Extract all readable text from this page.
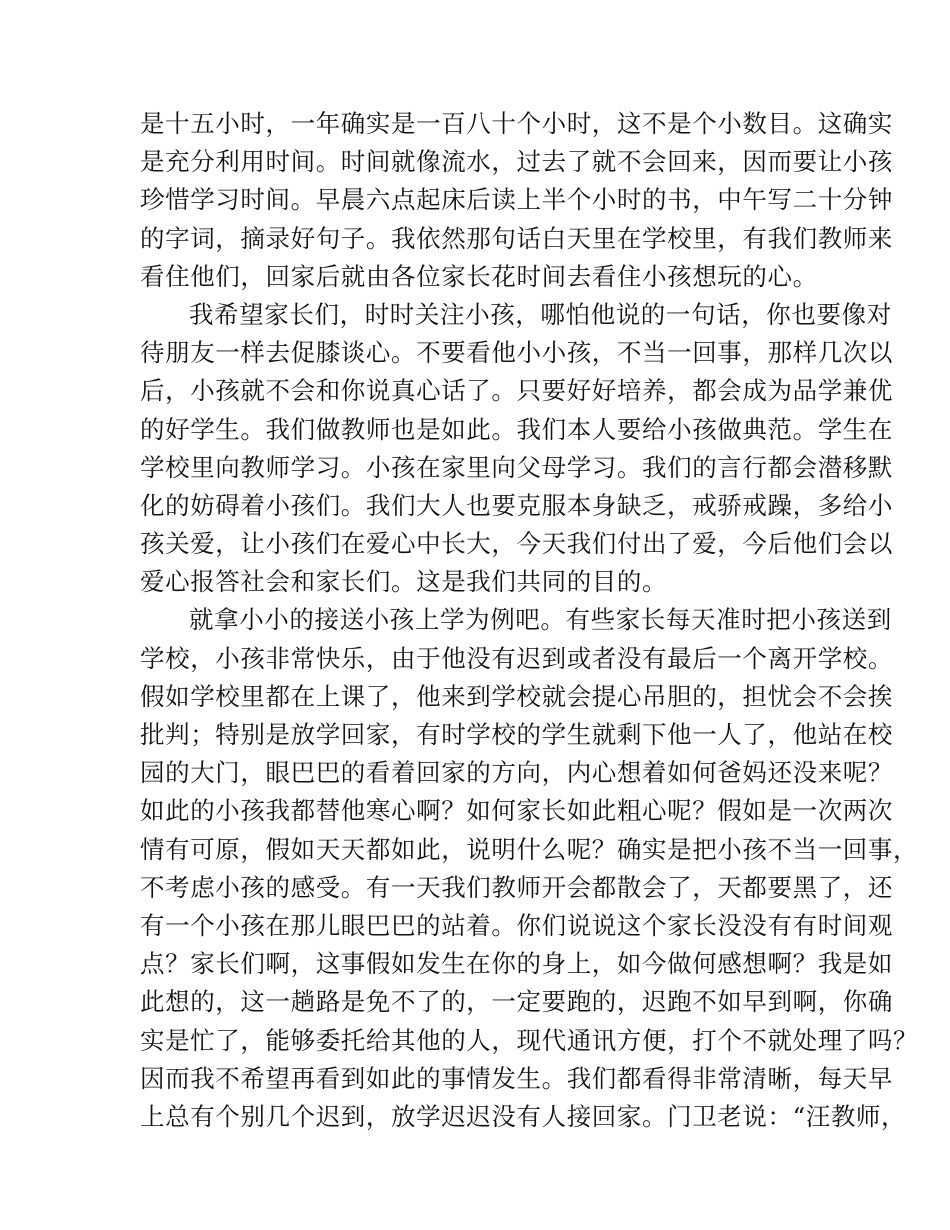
是十五小时，一年确实是一百八十个小时，这不是个小数目。这确实
是充分利用时间。时间就像流水，过去了就不会回来，因而要让小孩
珍惜学习时间。早晨六点起床后读上半个小时的书，中午写二十分钟
的字词，摘录好句子。我依然那句话白天里在学校里，有我们教师来
看住他们，回家后就由各位家长花时间去看住小孩想玩的心。
我希望家长们，时时关注小孩，哪怕他说的一句话，你也要像对
待朋友一样去促膝谈心。不要看他小小孩，不当一回事，那样几次以
后，小孩就不会和你说真心话了。只要好好培养，都会成为品学兼优
的好学生。我们做教师也是如此。我们本人要给小孩做典范。学生在
学校里向教师学习。小孩在家里向父母学习。我们的言行都会潜移默
化的妨碍着小孩们。我们大人也要克服本身缺乏，戒骄戒躁，多给小
孩关爱，让小孩们在爱心中长大，今天我们付出了爱，今后他们会以
爱心报答社会和家长们。这是我们共同的目的。
就拿小小的接送小孩上学为例吧。有些家长每天准时把小孩送到
学校，小孩非常快乐，由于他没有迟到或者没有最后一个离开学校。
假如学校里都在上课了，他来到学校就会提心吊胆的，担忧会不会挨
批判；特别是放学回家，有时学校的学生就剩下他一人了，他站在校
园的大门，眼巴巴的看着回家的方向，内心想着如何爸妈还没来呢？
如此的小孩我都替他寒心啊？如何家长如此粗心呢？假如是一次两次
情有可原，假如天天都如此，说明什么呢？确实是把小孩不当一回事，
不考虑小孩的感受。有一天我们教师开会都散会了，天都要黑了，还
有一个小孩在那儿眼巴巴的站着。你们说说这个家长没没有有时间观
点？家长们啊，这事假如发生在你的身上，如今做何感想啊？我是如
此想的，这一趟路是免不了的，一定要跑的，迟跑不如早到啊，你确
实是忙了，能够委托给其他的人，现代通讯方便，打个不就处理了吗？
因而我不希望再看到如此的事情发生。我们都看得非常清晰，每天早
上总有个别几个迟到，放学迟迟没有人接回家。门卫老说：“汪教师，
